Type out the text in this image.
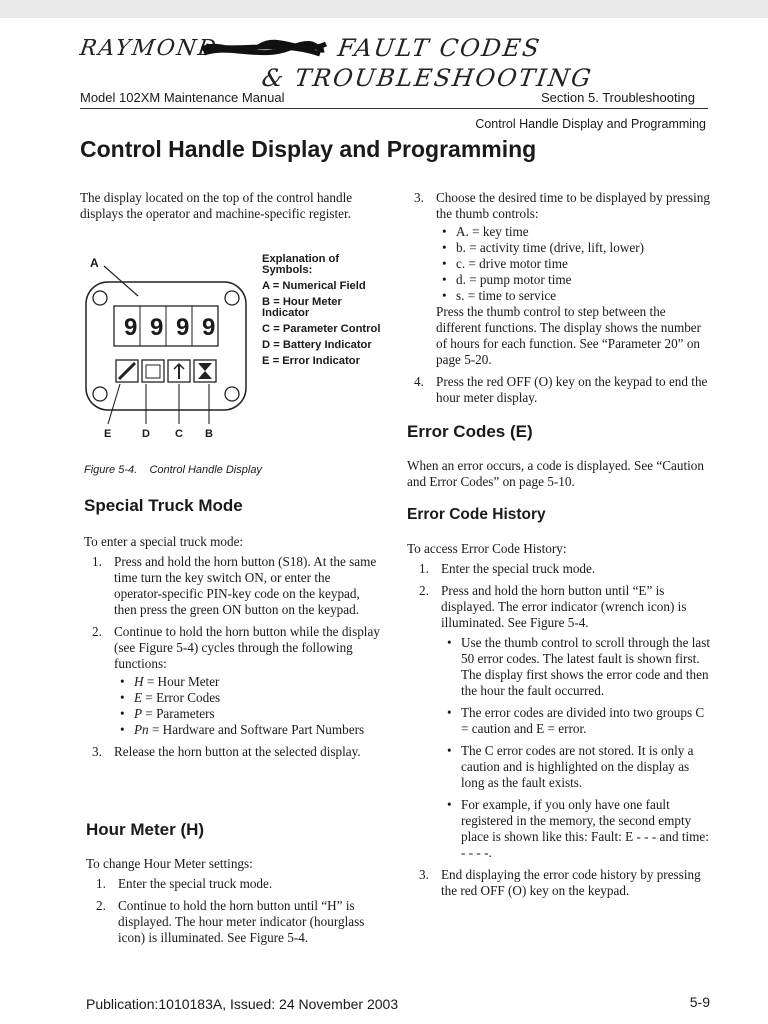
RAYMOND	FAULT CODES
& TROUBLESHOOTING
Model 102XM Maintenance Manual	Section 5. Troubleshooting
Control Handle Display and Programming
Control Handle Display and Programming
The display located on the top of the control handle displays the operator and machine-specific register.
A
9 9 9 9
E	D C B
Explanation of Symbols:
A = Numerical Field
B = Hour Meter Indicator
C = Parameter Control
D = Battery Indicator
E = Error Indicator
Figure 5-4. Control Handle Display
Special Truck Mode
To enter a special truck mode:
1. Press and hold the horn button (S18). At the same time turn the key switch ON, or enter the operator-specific PIN-key code on the keypad, then press the green ON button on the keypad.
2. Continue to hold the horn button while the display (see Figure 5-4) cycles through the following functions:
• H = Hour Meter
• E = Error Codes
• P = Parameters
• Pn = Hardware and Software Part Numbers
3. Release the horn button at the selected display.
Hour Meter (H)
To change Hour Meter settings:
1. Enter the special truck mode.
2. Continue to hold the horn button until “H” is displayed. The hour meter indicator (hourglass icon) is illuminated. See Figure 5-4.
3. Choose the desired time to be displayed by pressing the thumb controls:
• A. = key time
• b. = activity time (drive, lift, lower)
• c. = drive motor time
• d. = pump motor time
• s. = time to service
Press the thumb control to step between the different functions. The display shows the number of hours for each function. See “Parameter 20” on page 5-20.
4. Press the red OFF (O) key on the keypad to end the hour meter display.
Error Codes (E)
When an error occurs, a code is displayed. See “Caution and Error Codes” on page 5-10.
Error Code History
To access Error Code History:
1. Enter the special truck mode.
2. Press and hold the horn button until “E” is displayed. The error indicator (wrench icon) is illuminated. See Figure 5-4.
• Use the thumb control to scroll through the last 50 error codes. The latest fault is shown first. The display first shows the error code and then the hour the fault occurred.
• The error codes are divided into two groups C = caution and E = error.
• The C error codes are not stored. It is only a caution and is highlighted on the display as long as the fault exists.
• For example, if you only have one fault registered in the memory, the second empty place is shown like this: Fault: E - - - and time: - - - -.
3. End displaying the error code history by pressing the red OFF (O) key on the keypad.
Publication:1010183A, Issued: 24 November 2003	5-9
